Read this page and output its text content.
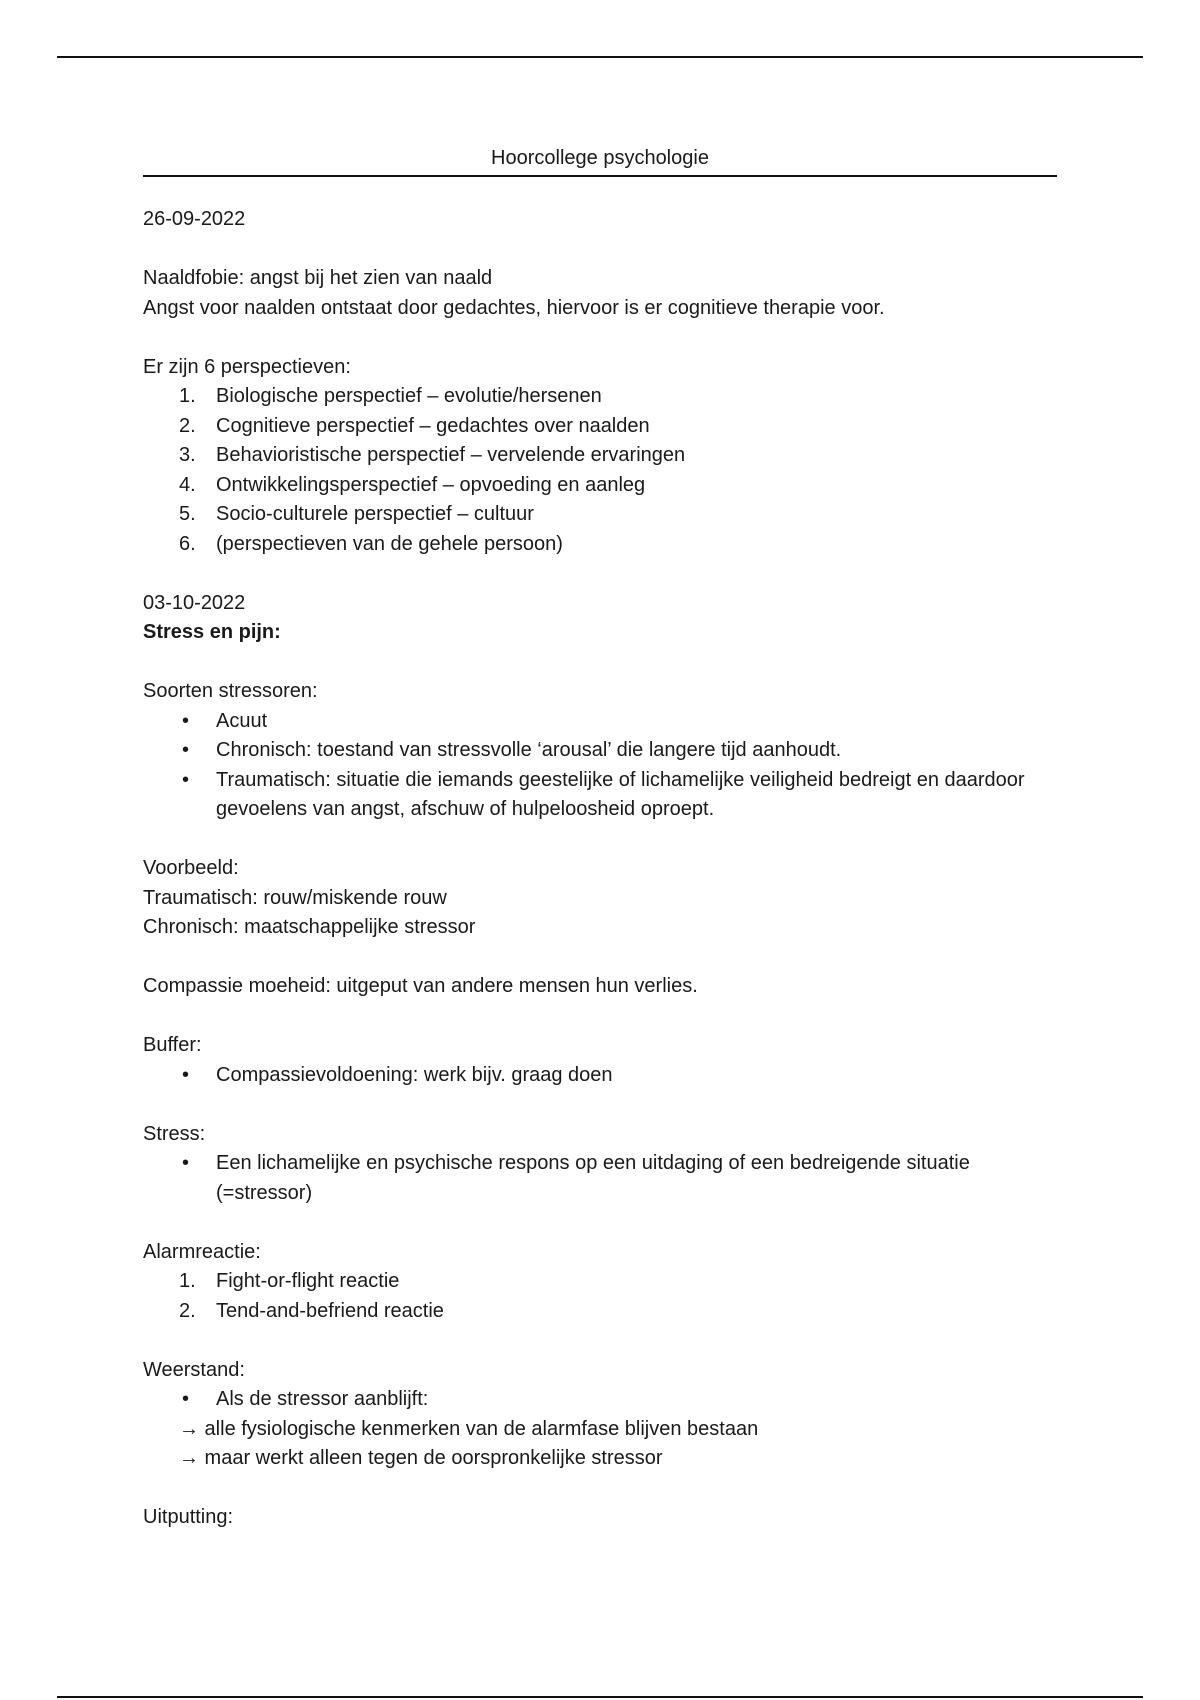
Hoorcollege psychologie

26-09-2022

Naaldfobie: angst bij het zien van naald

Angst voor naalden ontstaat door gedachtes, hiervoor is er cognitieve therapie voor.

Er zijn 6 perspectieven:

1.	Biologische perspectief – evolutie/hersenen
2.	Cognitieve perspectief – gedachtes over naalden
3.	Behavioristische perspectief – vervelende ervaringen
4.	Ontwikkelingsperspectief – opvoeding en aanleg
5.	Socio-culturele perspectief – cultuur
6.	(perspectieven van de gehele persoon)

03-10-2022

Stress en pijn:

Soorten stressoren:

• Acuut
• Chronisch: toestand van stressvolle ‘arousal’ die langere tijd aanhoudt.
• Traumatisch: situatie die iemands geestelijke of lichamelijke veiligheid bedreigt en daardoor gevoelens van angst, afschuw of hulpeloosheid oproept.

Voorbeeld:

Traumatisch: rouw/miskende rouw

Chronisch: maatschappelijke stressor

Compassie moeheid: uitgeput van andere mensen hun verlies.

Buffer:

• Compassievoldoening: werk bijv. graag doen

Stress:

• Een lichamelijke en psychische respons op een uitdaging of een bedreigende situatie (=stressor)

Alarmreactie:

1.	Fight-or-flight reactie
2.	Tend-and-befriend reactie

Weerstand:

• Als de stressor aanblijft:

→ alle fysiologische kenmerken van de alarmfase blijven bestaan

→ maar werkt alleen tegen de oorspronkelijke stressor

Uitputting:
